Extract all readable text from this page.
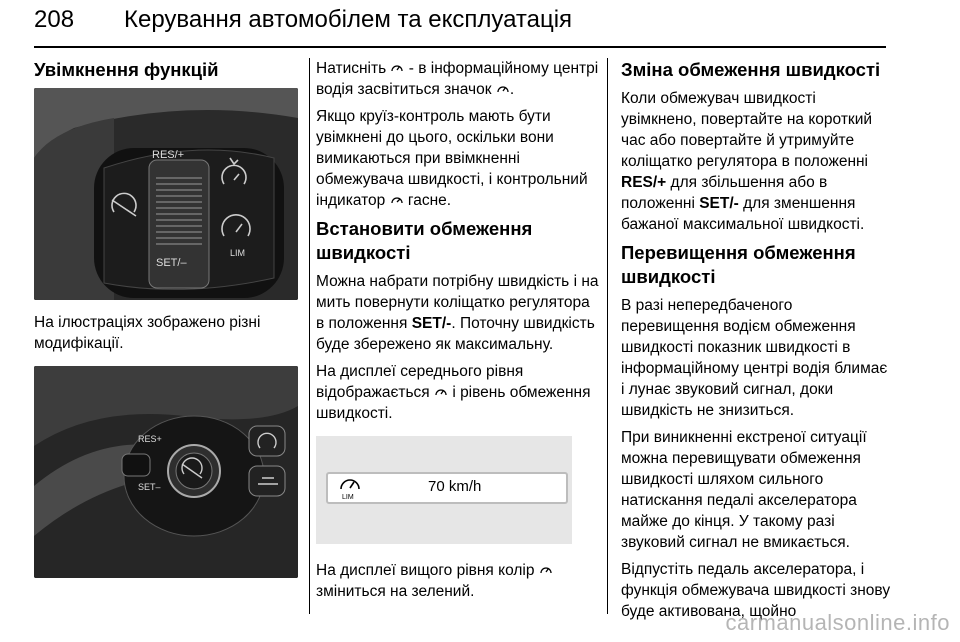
208 Керування автомобілем та експлуатація
Увімкнення функцій
RES/+
SET/–
LIM

На ілюстраціях зображено різні модифікації.

RES+
SET–

Натисніть - в інформаційному центрі водія засвітиться значок .

Якщо круїз-контроль мають бути увімкнені до цього, оскільки вони вимикаються при ввімкненні обмежувача швидкості, і контрольний індикатор гасне.

Встановити обмеження швидкості

Можна набрати потрібну швидкість і на мить повернути коліщатко регулятора в положення SET/-. Поточну швидкість буде збережено як максимальну.

На дисплеї середнього рівня відображається і рівень обмеження швидкості.

LIM
70 km/h

На дисплеї вищого рівня колір  зміниться на зелений.

Зміна обмеження швидкості

Коли обмежувач швидкості увімкнено, повертайте на короткий час або повертайте й утримуйте коліщатко регулятора в положенні RES/+ для збільшення або в положенні SET/- для зменшення бажаної максимальної швидкості.

Перевищення обмеження швидкості

В разі непередбаченого перевищення водієм обмеження швидкості показник швидкості в інформаційному центрі водія блимає і лунає звуковий сигнал, доки швидкість не знизиться.

При виникненні екстреної ситуації можна перевищувати обмеження швидкості шляхом сильного натискання педалі акселератора майже до кінця. У такому разі звуковий сигнал не вмикається.

Відпустіть педаль акселератора, і функція обмежувача швидкості знову буде активована, щойно

carmanualsonline.info
